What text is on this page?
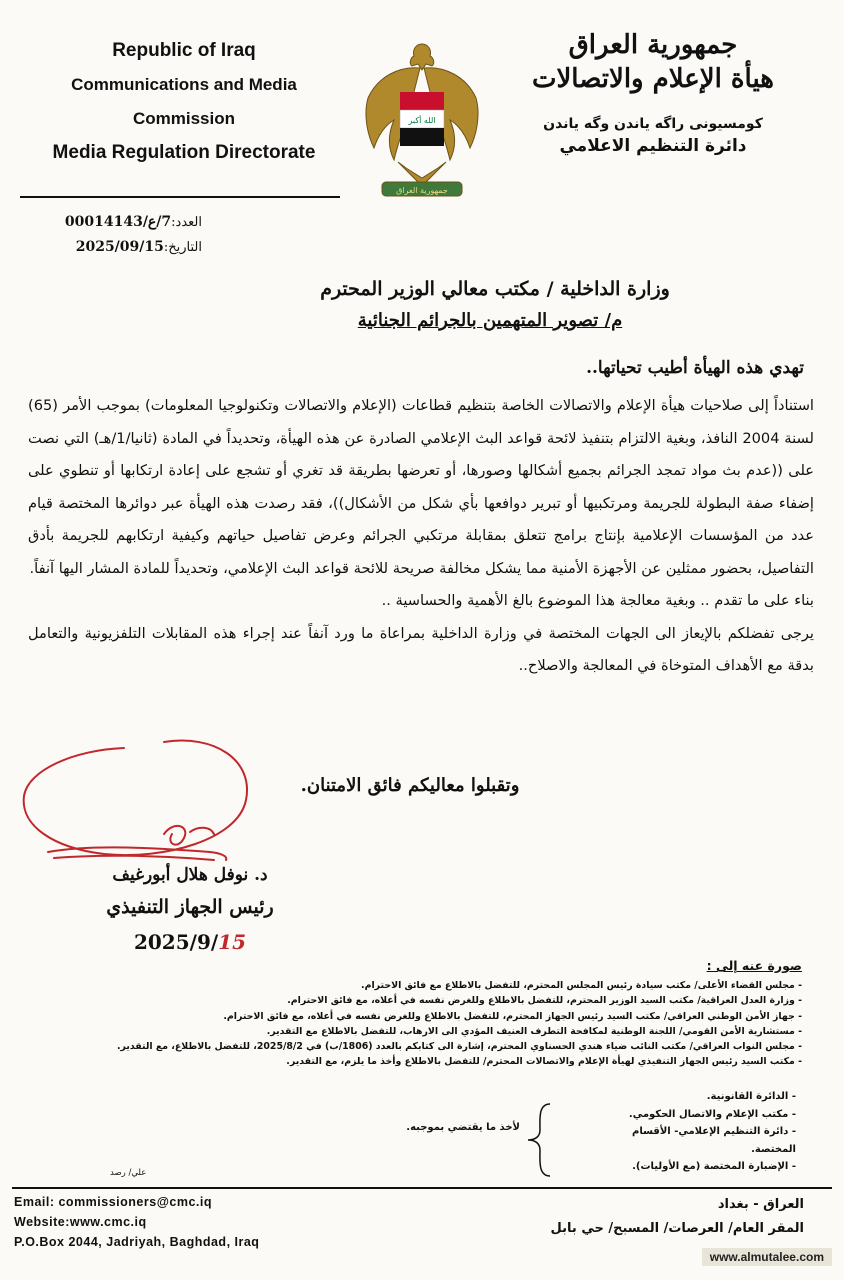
Republic of Iraq
Communications and Media
Commission
Media Regulation Directorate
الله أكبر
جمهورية العراق
جمهورية العراق
هيأة الإعلام والاتصالات
كومسيونى راگه ياندن وگه ياندن
دائرة التنظيم الاعلامي
العدد:7/ع/00014143
التاريخ:2025/09/15
وزارة الداخلية / مكتب معالي الوزير المحترم
م/ تصوير المتهمين بالجرائم الجنائية
تهدي هذه الهيأة أطيب تحياتها..

استناداً إلى صلاحيات هيأة الإعلام والاتصالات الخاصة بتنظيم قطاعات (الإعلام والاتصالات وتكنولوجيا المعلومات) بموجب الأمر (65) لسنة 2004 النافذ، وبغية الالتزام بتنفيذ لائحة قواعد البث الإعلامي الصادرة عن هذه الهيأة، وتحديداً في المادة (ثانيا/1/هـ) التي نصت على ((عدم بث مواد تمجد الجرائم بجميع أشكالها وصورها، أو تعرضها بطريقة قد تغري أو تشجع على إعادة ارتكابها أو تنطوي على إضفاء صفة البطولة للجريمة ومرتكبيها أو تبرير دوافعها بأي شكل من الأشكال))، فقد رصدت هذه الهيأة عبر دوائرها المختصة قيام عدد من المؤسسات الإعلامية بإنتاج برامج تتعلق بمقابلة مرتكبي الجرائم وعرض تفاصيل حياتهم وكيفية ارتكابهم للجريمة بأدق التفاصيل، بحضور ممثلين عن الأجهزة الأمنية مما يشكل مخالفة صريحة للائحة قواعد البث الإعلامي، وتحديداً للمادة المشار اليها آنفاً.

بناء على ما تقدم .. وبغية معالجة هذا الموضوع بالغ الأهمية والحساسية ..

يرجى تفضلكم بالإيعاز الى الجهات المختصة في وزارة الداخلية بمراعاة ما ورد آنفاً عند إجراء هذه المقابلات التلفزيونية والتعامل بدقة مع الأهداف المتوخاة في المعالجة والاصلاح..

وتقبلوا معاليكم فائق الامتنان.
د. نوفل هلال أبورغيف
رئيس الجهاز التنفيذي
2025/9/15
صورة عنه إلى :
- مجلس القضاء الأعلى/ مكتب سيادة رئيس المجلس المحترم، للتفضل بالاطلاع مع فائق الاحترام.
- وزارة العدل العراقية/ مكتب السيد الوزير المحترم، للتفضل بالاطلاع وللغرض نفسه في أعلاه، مع فائق الاحترام.
- جهاز الأمن الوطني العراقي/ مكتب السيد رئيس الجهاز المحترم، للتفضل بالاطلاع وللغرض نفسه في أعلاه، مع فائق الاحترام.
- مستشارية الأمن القومي/ اللجنة الوطنية لمكافحة التطرف العنيف المؤدي الى الارهاب، للتفضل بالاطلاع مع التقدير.
- مجلس النواب العراقي/ مكتب النائب ضياء هندي الحسناوي المحترم، إشارة الى كتابكم بالعدد (1806/ب) في 2025/8/2، للتفضل بالاطلاع، مع التقدير.
- مكتب السيد رئيس الجهاز التنفيذي لهيأة الإعلام والاتصالات المحترم/ للتفضل بالاطلاع وأخذ ما يلزم، مع التقدير.
- الدائرة القانونية.
- مكتب الإعلام والاتصال الحكومي.
- دائرة التنظيم الإعلامي- الأقسام المختصة.
- الإضبارة المختصة (مع الأوليات).
لأخذ ما يقتضي بموجبه.
علي/ رصد
Email: commissioners@cmc.iq
Website:www.cmc.iq
P.O.Box 2044, Jadriyah, Baghdad, Iraq
العراق - بغداد
المقر العام/ العرصات/ المسبح/ حي بابل
www.almutalee.com
